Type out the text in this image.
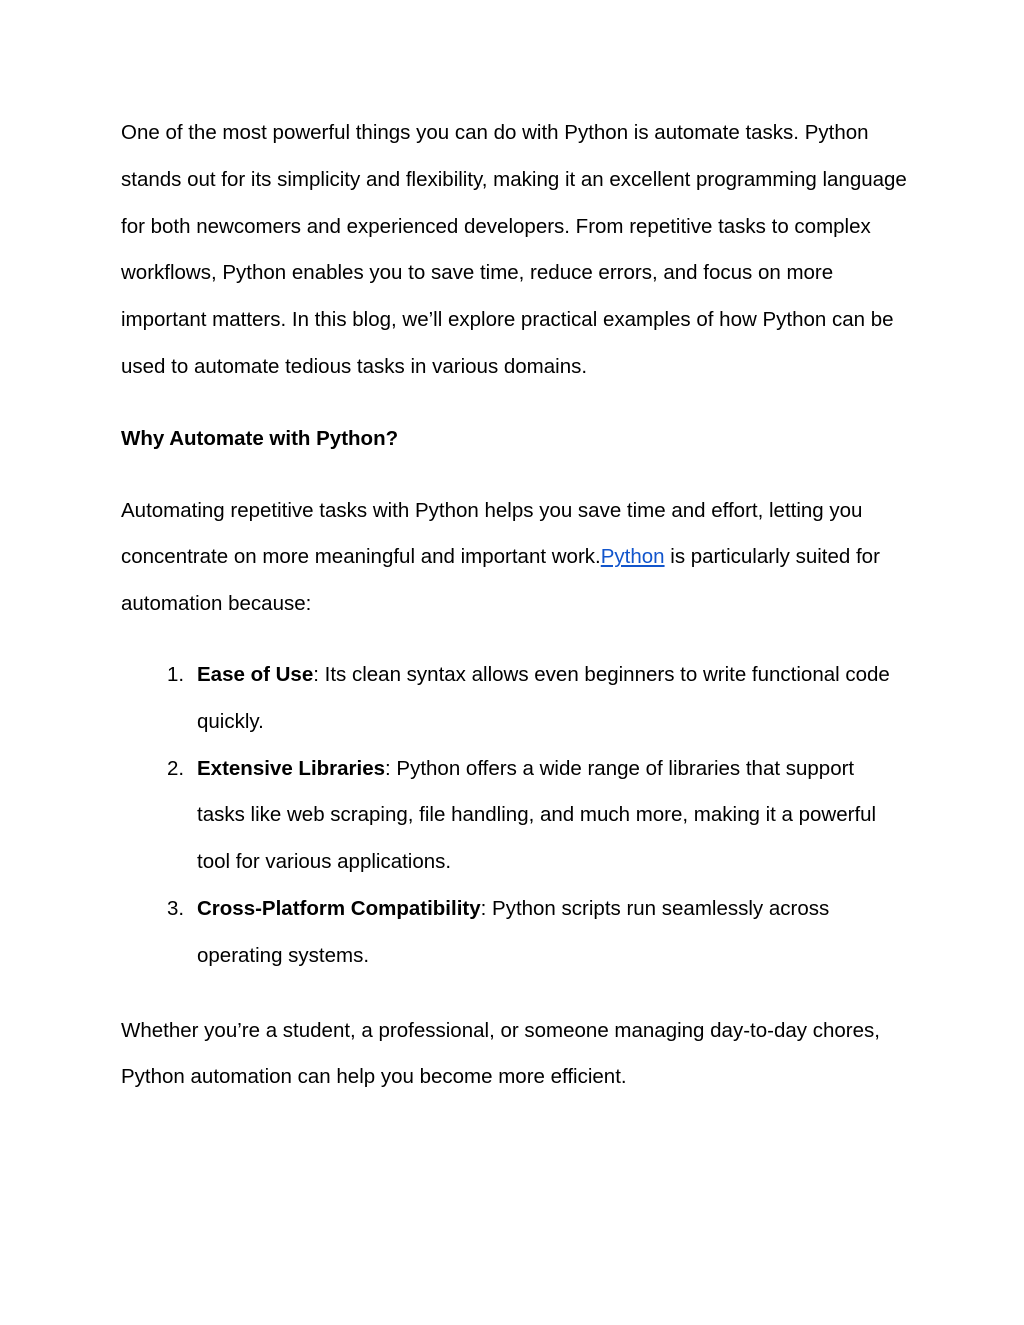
One of the most powerful things you can do with Python is automate tasks. Python stands out for its simplicity and flexibility, making it an excellent programming language for both newcomers and experienced developers. From repetitive tasks to complex workflows, Python enables you to save time, reduce errors, and focus on more important matters. In this blog, we’ll explore practical examples of how Python can be used to automate tedious tasks in various domains.

Why Automate with Python?

Automating repetitive tasks with Python helps you save time and effort, letting you concentrate on more meaningful and important work.Python is particularly suited for automation because:

1. Ease of Use: Its clean syntax allows even beginners to write functional code quickly.
2. Extensive Libraries: Python offers a wide range of libraries that support tasks like web scraping, file handling, and much more, making it a powerful tool for various applications.
3. Cross-Platform Compatibility: Python scripts run seamlessly across operating systems.

Whether you’re a student, a professional, or someone managing day-to-day chores, Python automation can help you become more efficient.
